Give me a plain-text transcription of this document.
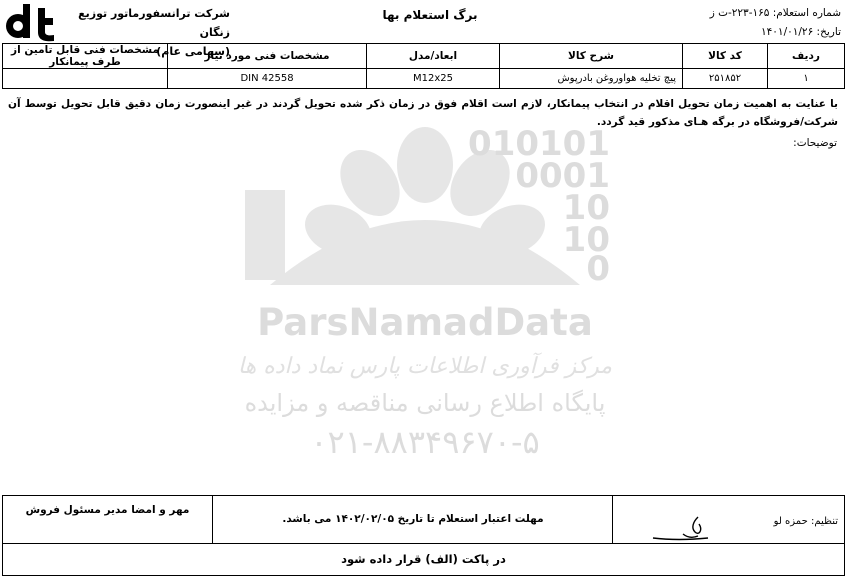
شرکت ترانسفورماتور توزیع زنگان
(سهامی عام)
برگ استعلام بها	شماره استعلام: ۱۶۵-۲۲۳-ت ز
تاریخ: ۱۴۰۱/۰۱/۲۶
ردیف	کد کالا	شرح کالا	ابعاد/مدل	مشخصات فنی مورد نیاز	مشخصات فنی قابل تامین از طرف پیمانکار
۱	۲۵۱۸۵۲	پیچ تخلیه هواوروغن بادرپوش	M12x25	DIN 42558	
با عنایت به اهمیت زمان تحویل اقلام در انتخاب پیمانکار، لازم است اقلام فوق در زمان ذکر شده تحویل گردند در غیر اینصورت زمان دقیق قابل تحویل توسط آن شرکت/فروشگاه در برگه هـای مذکور قید گردد.
توضیحات:
010101
0001
10
10
0
ParsNamadData
مرکز فرآوری اطلاعات پارس نماد داده ها
پایگاه اطلاع رسانی مناقصه و مزایده
۰۲۱-۸۸۳۴۹۶۷۰-۵
مهر و امضا مدیر مسئول فروش
مهلت اعتبار استعلام تا تاریخ ۱۴۰۲/۰۲/۰۵ می باشد.	تنظیم: حمزه لو
در پاکت (الف) قرار داده شود
